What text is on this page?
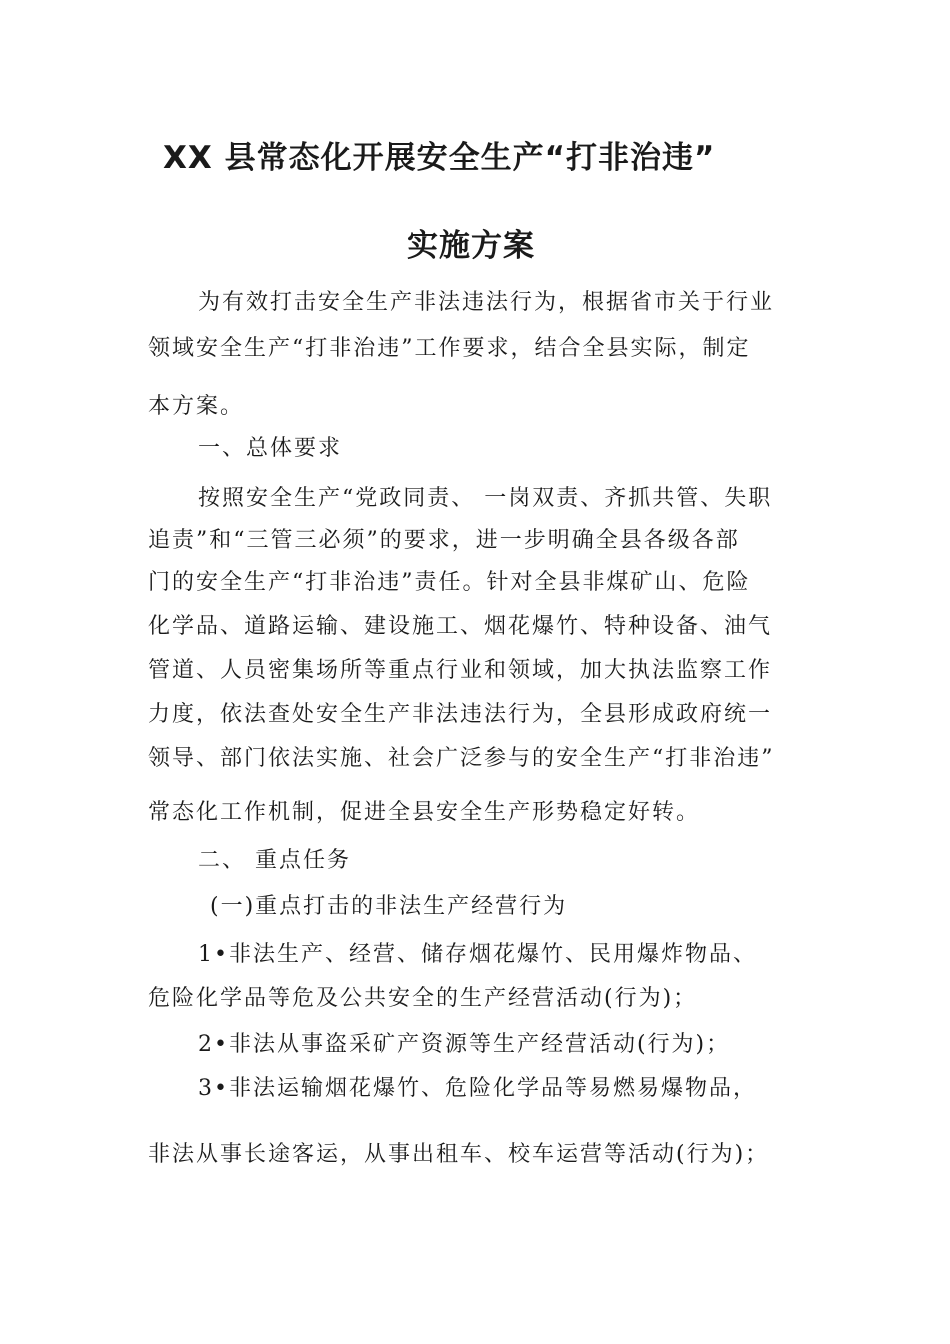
XX 县常态化开展安全生产“打非治违”
实施方案
为有效打击安全生产非法违法行为，根据省市关于行业
领域安全生产“打非治违”工作要求，结合全县实际，制定
本方案。
一、总体要求
按照安全生产“党政同责、 一岗双责、齐抓共管、失职
追责”和“三管三必须”的要求，进一步明确全县各级各部
门的安全生产“打非治违”责任。针对全县非煤矿山、危险
化学品、道路运输、建设施工、烟花爆竹、特种设备、油气
管道、人员密集场所等重点行业和领域，加大执法监察工作
力度，依法查处安全生产非法违法行为，全县形成政府统一
领导、部门依法实施、社会广泛参与的安全生产“打非治违”
常态化工作机制，促进全县安全生产形势稳定好转。
二、 重点任务
(一)重点打击的非法生产经营行为
1•非法生产、经营、储存烟花爆竹、民用爆炸物品、
危险化学品等危及公共安全的生产经营活动(行为)；
2•非法从事盗采矿产资源等生产经营活动(行为)；
3•非法运输烟花爆竹、危险化学品等易燃易爆物品，
非法从事长途客运，从事出租车、校车运营等活动(行为)；
